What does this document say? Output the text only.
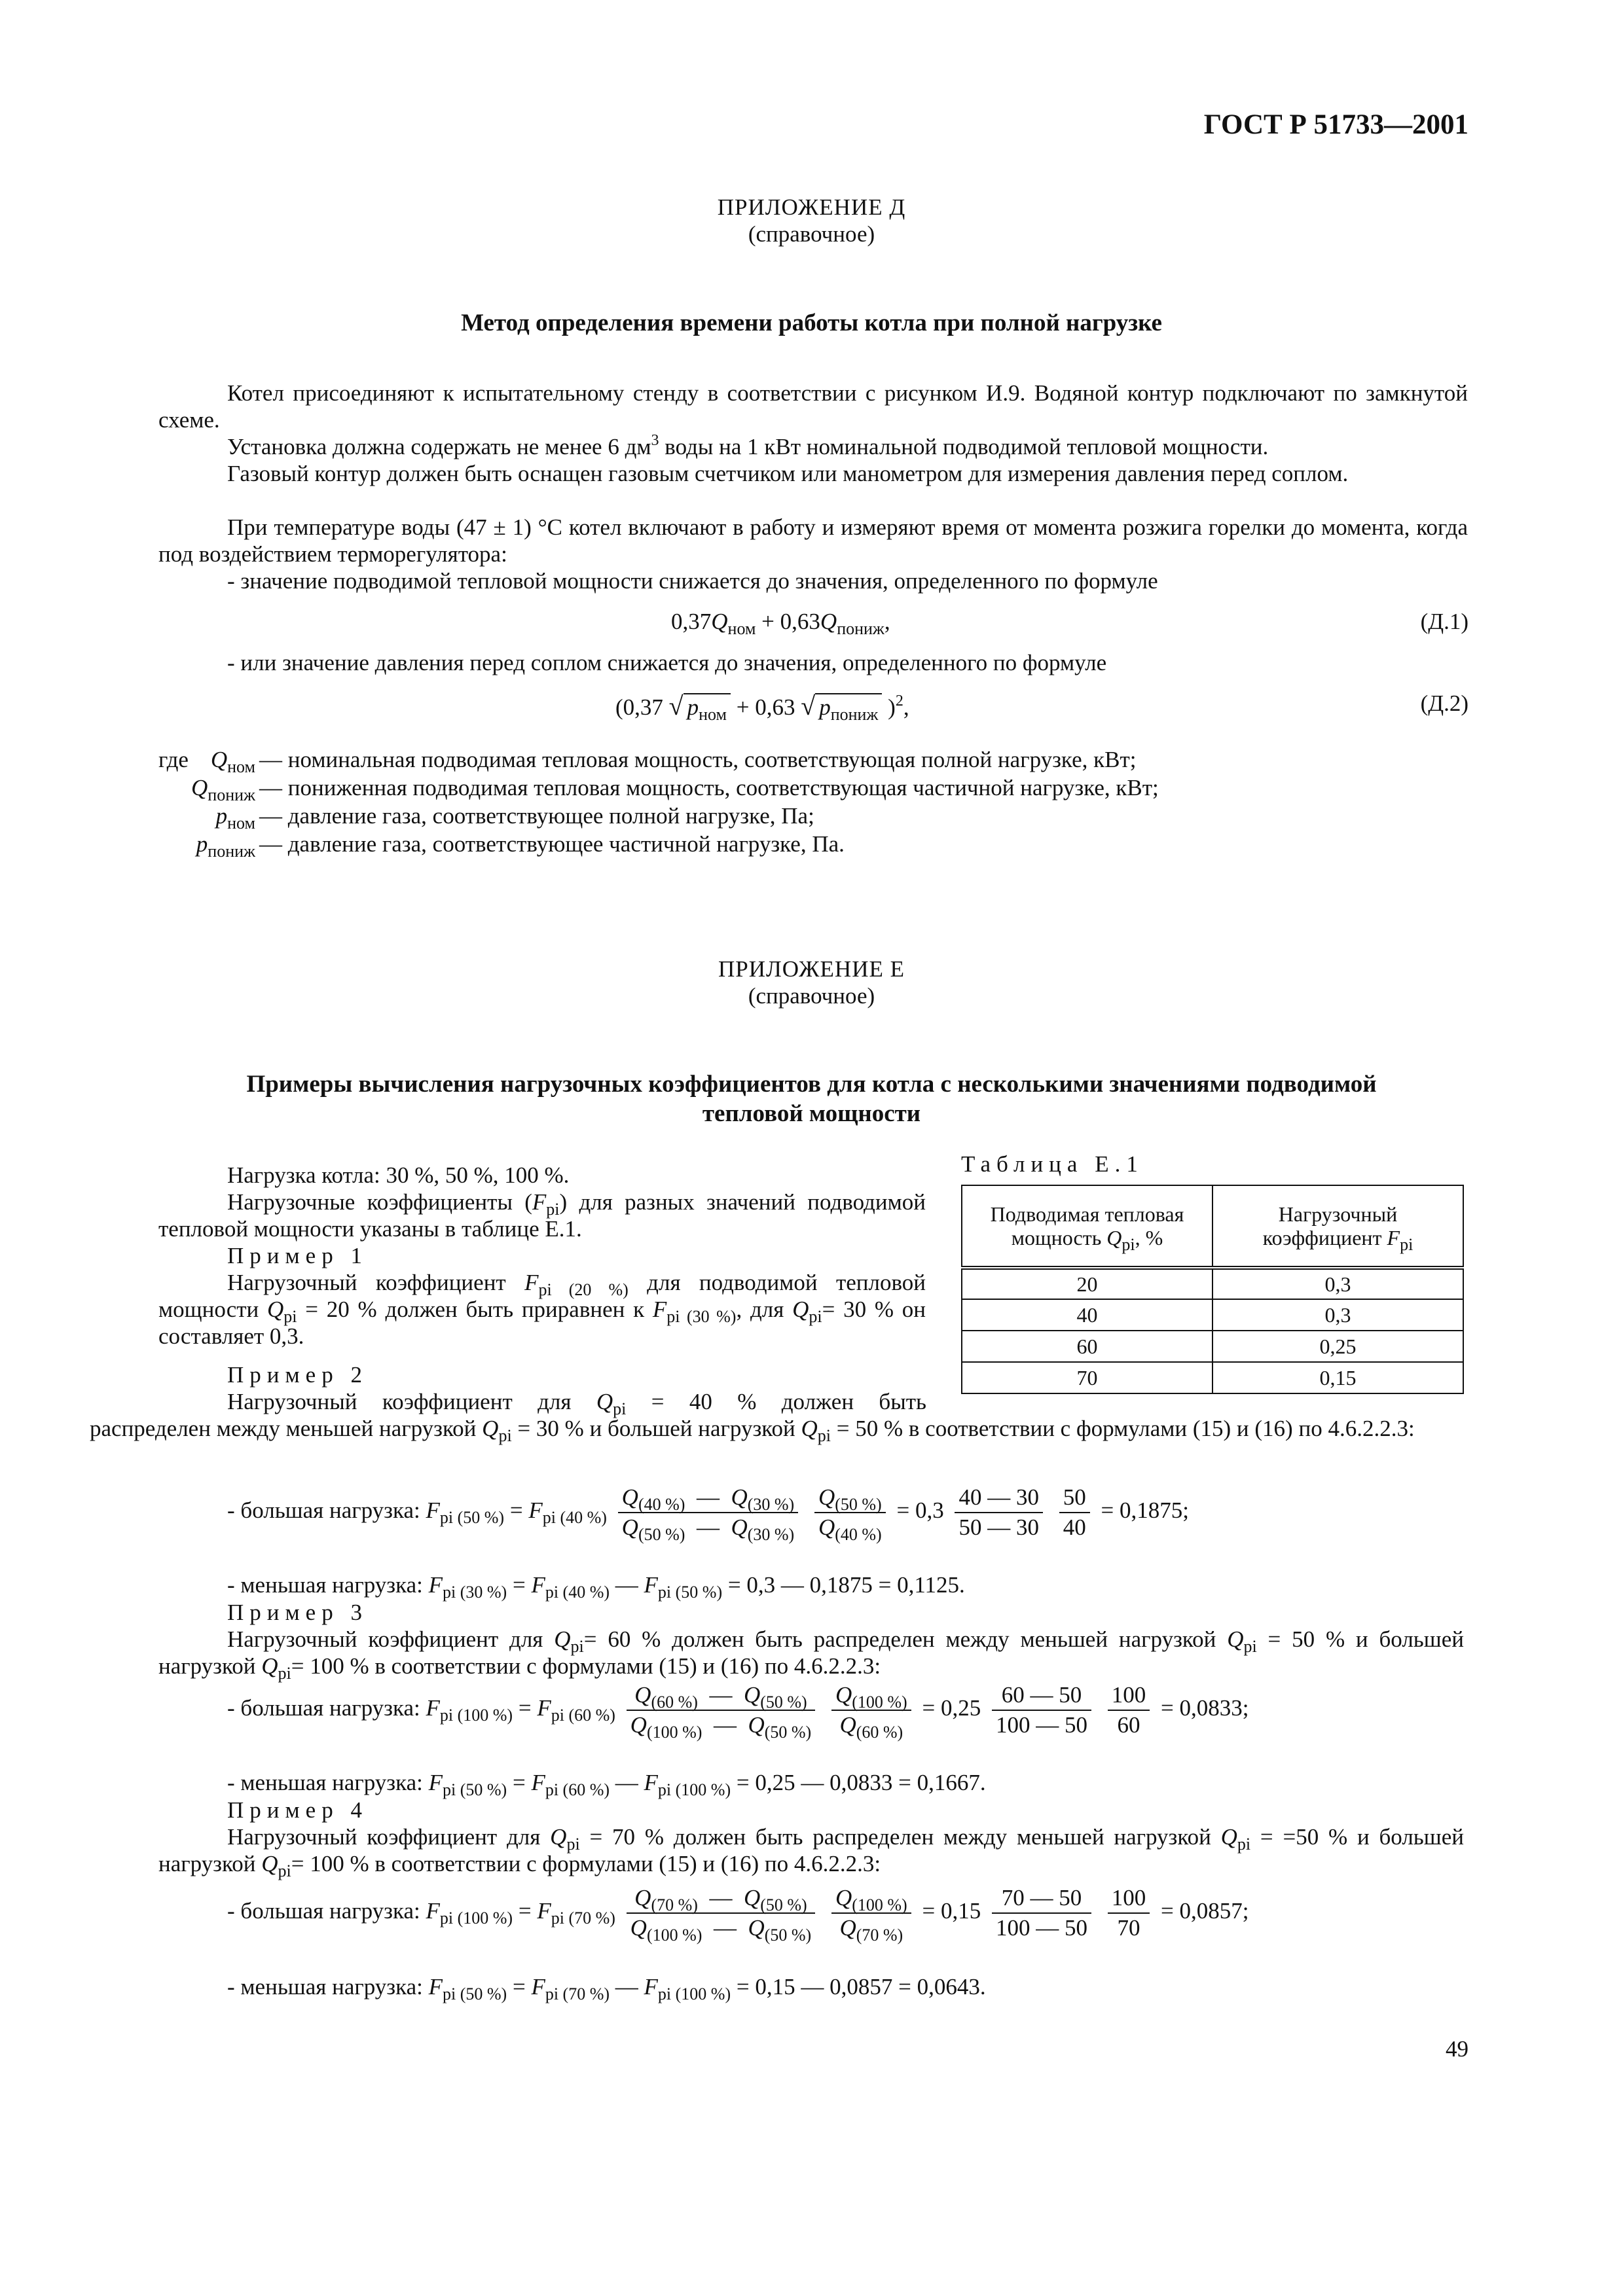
ГОСТ Р 51733—2001
ПРИЛОЖЕНИЕ Д
(справочное)
Метод определения времени работы котла при полной нагрузке
Котел присоединяют к испытательному стенду в соответствии с рисунком И.9. Водяной контур подключают по замкнутой схеме.
Установка должна содержать не менее 6 $дм^3$ воды на 1 кВт номинальной подводимой тепловой мощности.
Газовый контур должен быть оснащен газовым счетчиком или манометром для измерения давления перед соплом.
При температуре воды (47 ± 1) °С котел включают в работу и измеряют время от момента розжига горелки до момента, когда под воздействием терморегулятора:
- значение подводимой тепловой мощности снижается до значения, определенного по формуле
$0,37Q_{ном} + 0,63Q_{пониж}$,	(Д.1)
- или значение давления перед соплом снижается до значения, определенного по формуле
(0,37 √ $p_{ном} + 0,63$ √ $p_{пониж}$ )$^2$,	(Д.2)
где $Q_{ном}$ — номинальная подводимая тепловая мощность, соответствующая полной нагрузке, кВт;
$Q_{пониж}$ — пониженная подводимая тепловая мощность, соответствующая частичной нагрузке, кВт;
$p_{ном}$ — давление газа, соответствующее полной нагрузке, Па;
$p_{пониж}$ — давление газа, соответствующее частичной нагрузке, Па.
ПРИЛОЖЕНИЕ Е
(справочное)
Примеры вычисления нагрузочных коэффициентов для котла с несколькими значениями подводимой
тепловой мощности
Таблица Е.1
Подводимая тепловая
мощность $Q_{pi}$, %	Нагрузочный
коэффициент $F_{pi}$
20	0,3
40	0,3
60	0,25
70	0,15
Нагрузка котла: 30 %, 50 %, 100 %.
Нагрузочные коэффициенты $(F_{pi})$ для разных значений подводимой тепловой мощности указаны в таблице Е.1.
Пример 1
Нагрузочный коэффициент $F_{pi (20 \%)}$ для подводимой тепловой мощности $Q_{pi} = 20$ % должен быть приравнен к $F_{pi (30 \%)}$, для $Q_{pi}= 30$ % он составляет 0,3.
Пример 2
Нагрузочный коэффициент для $Q_{pi} = 40$ % должен быть
распределен между меньшей нагрузкой $Q_{pi} = 30$ % и большей нагрузкой $Q_{pi} = 50$ % в соответствии с формулами (15) и (16) по 4.6.2.2.3:
- большая нагрузка: $F_{pi (50 \%)} = F_{pi (40 \%)} \frac{Q_{(40 \%)} — Q_{(30 \%)}}{Q_{(50 \%)} — Q_{(30 \%)}}$
$\frac{Q_{(50 \%)}}{Q_{(40 \%)}} = 0,3 \frac{40 — 30}{50 — 30}$
$\frac{50}{40} = 0,1875$;
- меньшая нагрузка: $F_{pi (30 \%)} = F_{pi (40 \%)}$ — $F_{pi (50 \%)} = 0,3$ — 0,1875 = 0,1125.
Пример 3
Нагрузочный коэффициент для $Q_{pi}= 60$ % должен быть распределен между меньшей нагрузкой $Q_{pi} = 50$ % и большей нагрузкой $Q_{pi}= 100$ % в соответствии с формулами (15) и (16) по 4.6.2.2.3:
- большая нагрузка: $F_{pi (100 \%)} = F_{pi (60 \%)} \frac{Q_{(60 \%)} — Q_{(50 \%)}}{Q_{(100 \%)} — Q_{(50 \%)}}$
$\frac{Q_{(100 \%)}}{Q_{(60 \%)}} = 0,25 \frac{60 — 50}{100 — 50}$
$\frac{100}{60} = 0,0833$;
- меньшая нагрузка: $F_{pi (50 \%)} = F_{pi (60 \%)}$ — $F_{pi (100 \%)} = 0,25$ — 0,0833 = 0,1667.
Пример 4
Нагрузочный коэффициент для $Q_{pi} = 70$ % должен быть распределен между меньшей нагрузкой $Q_{pi} = =50$ % и большей нагрузкой $Q_{pi}= 100$ % в соответствии с формулами (15) и (16) по 4.6.2.2.3:
- большая нагрузка: $F_{pi (100 \%)} = F_{pi (70 \%)} \frac{Q_{(70 \%)} — Q_{(50 \%)}}{Q_{(100 \%)} — Q_{(50 \%)}}$
$\frac{Q_{(100 \%)}}{Q_{(70 \%)}} = 0,15 \frac{70 — 50}{100 — 50}$
$\frac{100}{70} = 0,0857$;
- меньшая нагрузка: $F_{pi (50 \%)} = F_{pi (70 \%)}$ — $F_{pi (100 \%)} = 0,15$ — 0,0857 = 0,0643.
49
